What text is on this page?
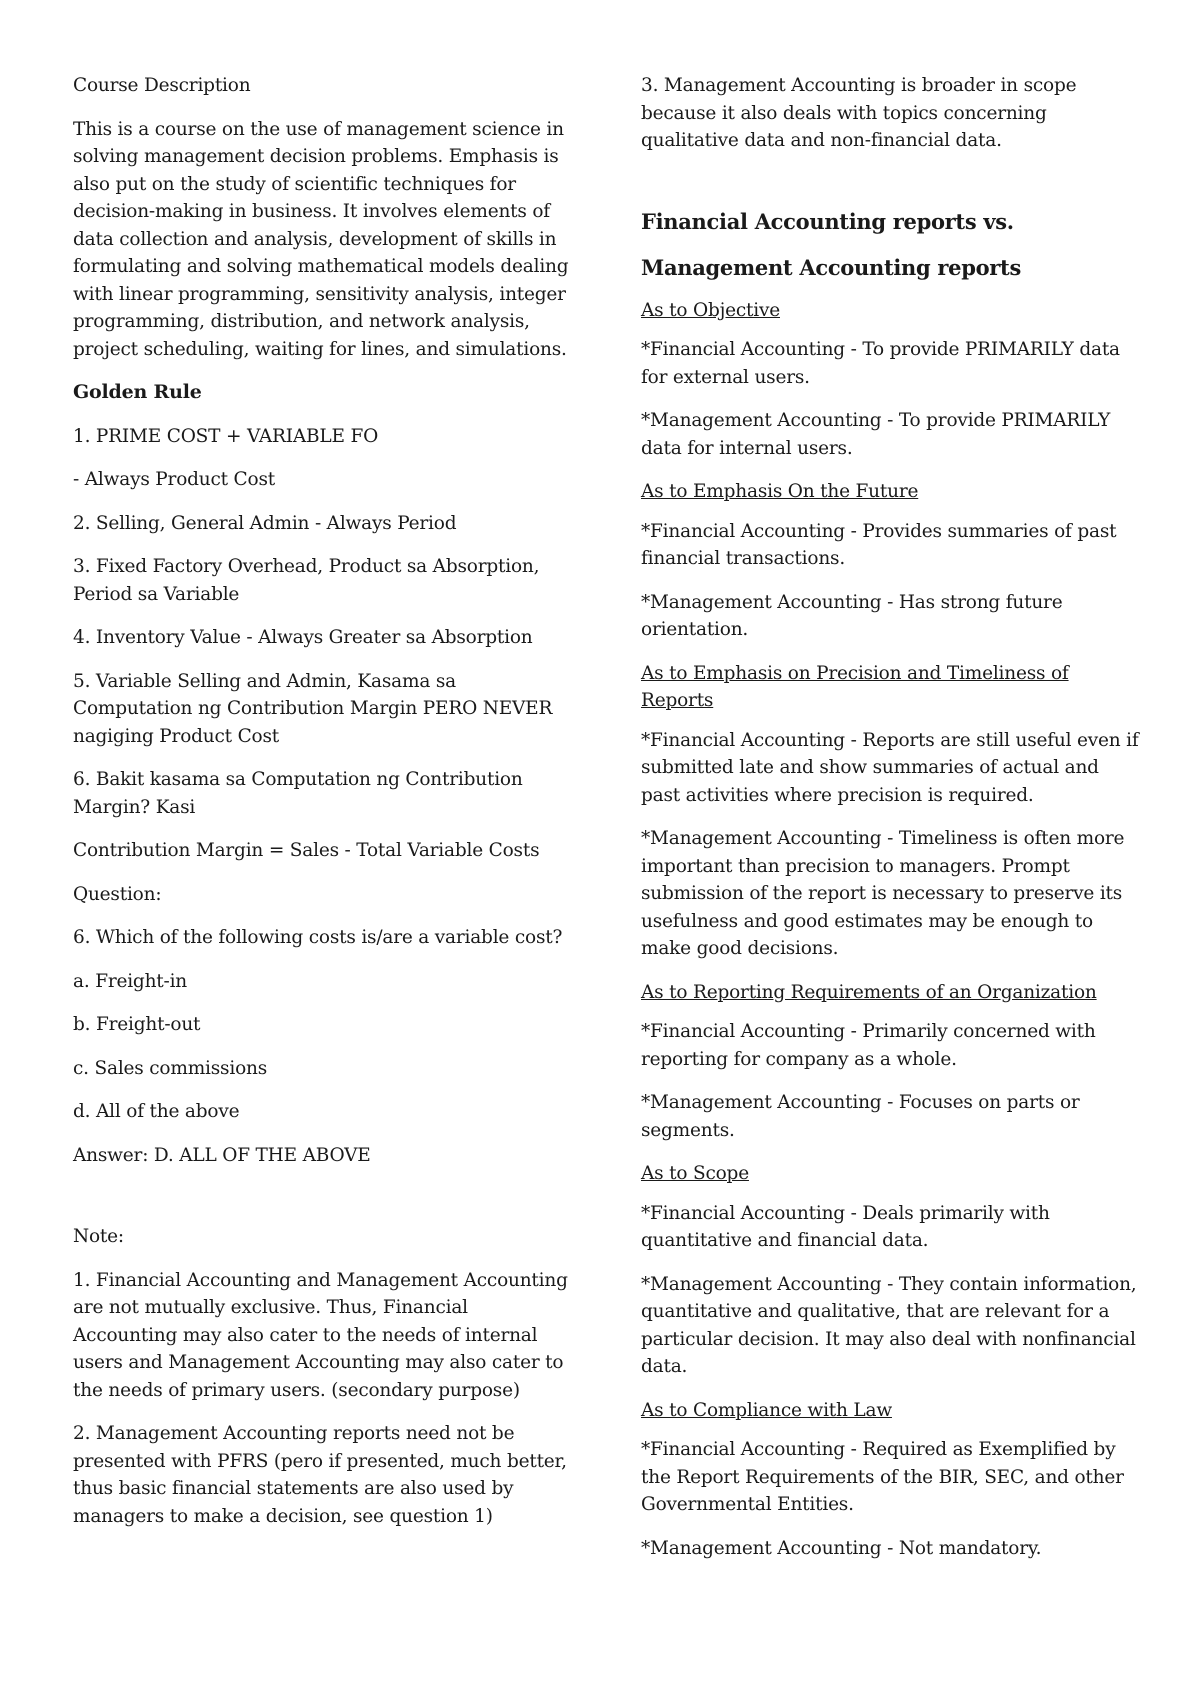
Course Description

This is a course on the use of management science in solving management decision problems. Emphasis is also put on the study of scientific techniques for decision-making in business. It involves elements of data collection and analysis, development of skills in formulating and solving mathematical models dealing with linear programming, sensitivity analysis, integer programming, distribution, and network analysis, project scheduling, waiting for lines, and simulations.

Golden Rule

1. PRIME COST + VARIABLE FO

- Always Product Cost

2. Selling, General Admin - Always Period

3. Fixed Factory Overhead, Product sa Absorption, Period sa Variable

4. Inventory Value - Always Greater sa Absorption

5. Variable Selling and Admin, Kasama sa Computation ng Contribution Margin PERO NEVER nagiging Product Cost

6. Bakit kasama sa Computation ng Contribution Margin? Kasi

Contribution Margin = Sales - Total Variable Costs

Question:

6. Which of the following costs is/are a variable cost?

a. Freight-in

b. Freight-out

c. Sales commissions

d. All of the above

Answer: D. ALL OF THE ABOVE

Note:

1. Financial Accounting and Management Accounting are not mutually exclusive. Thus, Financial Accounting may also cater to the needs of internal users and Management Accounting may also cater to the needs of primary users. (secondary purpose)

2. Management Accounting reports need not be presented with PFRS (pero if presented, much better, thus basic financial statements are also used by managers to make a decision, see question 1)

3. Management Accounting is broader in scope because it also deals with topics concerning qualitative data and non-financial data.

Financial Accounting reports vs. Management Accounting reports

As to Objective

*Financial Accounting - To provide PRIMARILY data for external users.

*Management Accounting - To provide PRIMARILY data for internal users.

As to Emphasis On the Future

*Financial Accounting - Provides summaries of past financial transactions.

*Management Accounting - Has strong future orientation.

As to Emphasis on Precision and Timeliness of Reports

*Financial Accounting - Reports are still useful even if submitted late and show summaries of actual and past activities where precision is required.

*Management Accounting - Timeliness is often more important than precision to managers. Prompt submission of the report is necessary to preserve its usefulness and good estimates may be enough to make good decisions.

As to Reporting Requirements of an Organization

*Financial Accounting - Primarily concerned with reporting for company as a whole.

*Management Accounting - Focuses on parts or segments.

As to Scope

*Financial Accounting - Deals primarily with quantitative and financial data.

*Management Accounting - They contain information, quantitative and qualitative, that are relevant for a particular decision. It may also deal with nonfinancial data.

As to Compliance with Law

*Financial Accounting - Required as Exemplified by the Report Requirements of the BIR, SEC, and other Governmental Entities.

*Management Accounting - Not mandatory.
